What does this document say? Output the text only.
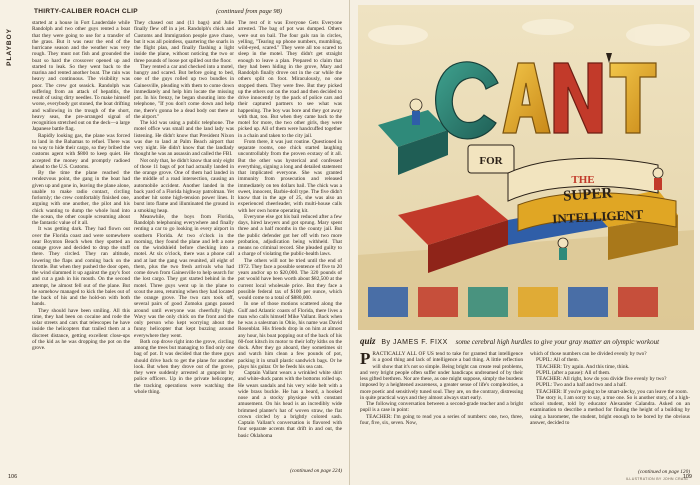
PLAYBOY
THIRTY-CALIBER ROACH CLIP	(continued from page 98)

started at a house in Fort Lauderdale while Randolph and two other guys rented a boat that they were going to use for a transfer of the grass. But it was near the end of the hurricane season and the weather was very rough. They must not fish and grounded the boat so hard the crossover opened up and started to leak. So they went back to the marina and rented another boat. The rain was heavy and continuous. The visibility was poor. The crew got seasick. Randolph was suffering from an attack of hepatitis, the result of using dirty needles. To make himself worse, everybody got stoned, the boat drifting and wallowing in the trough of the short, heavy seas, the pre-arranged signal of recognition stretched out on the deck—a large Japanese battle flag.

Rapidly looking gas, the plane was forced to land in the Bahamas to refuel. There was no way to hide their cargo, so they bribed the customs agent with $800 to keep quiet. He accepted the money and promptly radioed ahead to the U.S. Customs.

By the time the plane reached the rendezvous point, the gang in the boat had given up and gone in, leaving the plane alone, unable to make radio contact, circling forlornly; the crew comfortably finished one, arguing with one another, the pilot and his chick wanting to dump the whole load into the ocean, the other couple screaming about the fantastic value of it all.

It was getting dark. They had flown out over the Florida coast and were somewhere near Boynton Beach when they spotted an orange grove and decided to drop the stuff there. They circled. They ran altitude, lowering the flaps and coming back on the throttle. But when they pushed the door open, the wind slammed it up against the guy's foot and cut a gash in his mouth. On the second attempt, he almost fell out of the plane. But he somehow managed to kick the bales out of the back of his and the hold-on with both hands.

They should have been smiling. All this time, they had been on cocaine and rode the solar streets and cars that telescopes he have inside the helicopters that trailed them at a discreet distance, getting excellent close-ups of the kid as he was dropping the pot on the grove.

They chased out and (11 bags) and Julie finally flew off in a jet. Randolph's chick and Customs and Immigration people gave chase, but it was all pointless, quartering the snarls in the flight plan, and finally flashing a light inside the plane, without noticing the two or three pounds of loose pot spilled out the floor.

They rented a car and checked into a motel, hungry and scared. But before going to bed, one of the guys rolled up two bundles in Gainesville, pleading with them to come down immediately and help him locate the missing pot. In his frenzy, he began shouting into the telephone, "If you don't come down and help me, there's gonna be a dead body out there at the airport."

The kid was using a public telephone. The motel office was small and the land lady was listening. He didn't know that President Nixon was due to land at Palm Beach airport that very night. He didn't know that the landlady thought he was an assassin and called the FBI.

Not only that, he didn't know that only eight of those 11 bags of pot had actually landed in the orange grove. One of them had landed in the middle of a road intersection, causing an automobile accident. Another landed in the back yard of a Florida highway patrolman. Yet another hit some high-tension power lines. It burst into flame and illuminated the ground in a smoking heap.

Meanwhile, the boys from Florida, Randolph telephoning everywhere and finally renting a car to go looking in every airport in southern Florida. At two o'clock in the morning, they found the plane and left a note on the windshield before checking into a motel. At six o'clock, there was a phone call and at last the gang was reunited, all eight of them, plus the two fresh arrivals who had come down from Gainesville to help search for the lost cargo. They got started behind in the motel. Three guys went up in the plane to scout the area, returning when they had located the orange grove. The two cars took off, several pairs of good Zomoku gangs passed around until everyone was cheerfully high. Wavy was the only chick on the front and the only person who kept worrying about the funny helicopter that kept buzzing around everywhere they went.

Both cop drove right into the grove, circling among the trees but managing to find only one bag of pot. It was decided that the three guys should drive back to get the plane for another look. But when they drove out of the grove, they were suddenly arrested at gunpoint by police officers. Up in the private helicopter, the tracking operations were watching the whole thing.

The rest of it was Everyone Gets Everyone arrested. The bag of pot was dumped. Others were out on bail. The four gals ran in circles, yelling, "Tearing up phone numbers, mumbling, wild-eyed, scared." They were all too scared to sleep in the motel. They didn't get straight enough to leave a plan. Prepared to claim that they had been hiding in the grove, Mary and Randolph finally drove out in the car while the others split on foot. Miraculously, no one stopped them. They were free. But they picked up the others out on the road and then decided to drive innocently by the pack of police cars and their captured partners to see what was happening. The boy was bore and they got away with that, too. But when they came back to the motel for more, the two other girls, they were picked up. All of them were handcuffed together in a chain and taken to the city jail.

From there, it was just routine. Questioned in separate rooms, one chick started laughing uncontrollably from the proven ecstasy of it all. But the other was hysterical and confessed everything, signing a long and detailed statement that implicated everyone. She was granted immunity from prosecution and released immediately on ten dollars bail. The chick was a sweet, innocent, Barbie-doll type. The five didn't know that in the age of 25, she was also an experienced cheerleader, with multi-house calls with her own home operating kit.

Everyone else got his bail reduced after a few days, hired lawyers and got sprung. Mary spent three and a half months in the county jail. But the public defender got her off with two more probation, adjudication being withheld. That means no criminal record. She pleaded guilty to a charge of violating the public-health laws.

The others will not be tried until the end of 1972. They face a possible sentence of five to 20 years and/or up to $20,000. The 320 pounds of pot would have been worth about $82,500 at the current local wholesale price. But they face a possible federal tax of $100 per ounce, which would come to a total of $880,000.

In one of those motions scattered along the Gulf and Atlantic coasts of Florida, there lives a man who calls himself Mike Vallant. Back when he was a salesman in Ohio, his name was David Rosenblat. His friends drop in on him at almost any hour, his boat popping out of the back of his 60-foot kitsch its motor to their lofty kiths on the dock. After they go aboard, they sometimes sit and watch him clean a few pounds of pot, packing it in small plastic sandwich bags. Or he plays his guitar. Or he feeds his sea cats.

Captain Vallant wears a wrinkled white shirt and white-duck pants with the bottoms rolled up. He wears sandals and his very wide belt with a wide brass buckle. He has a beard, a hooked nose and a stocky physique with constant amusement. On his head is an incredibly wide brimmed planter's hat of woven straw, the flat crown circled by a brightly colored sash. Captain Vallant's conversation is flavored with four separate accents that drift in and out, the basic Oklahoma

(continued on page 224)
106
FOR
THE
SUPER
INTELLIGENT
quiz By JAMES F. FIXX some cerebral high hurdles to give your gray matter an olympic workout

PRACTICALLY ALL OF US tend to take for granted that intelligence is a good thing and lack of intelligence a bad thing. A little reflection will show that it's not so simple. Being bright can create real problems, and very bright people often suffer under handicaps undreamed of by their less gifted brethren. Nor are these, as one might suppose, simply the burdens imposed by a heightened awareness, a greater sense of life's complexities, a more poetic and sensitively tuned soul. They are, on the contrary, distressing in quite practical ways and they almost always start early.

The following conversation between a second-grade teacher and a bright pupil is a case in point:

TEACHER: I'm going to read you a series of numbers: one, two, three, four, five, six, seven. Now,

which of those numbers can be divided evenly by two?

PUPIL: All of them.

TEACHER: Try again. And this time, think.

PUPIL (after a pause): All of them.

TEACHER: All right, how do you divide five evenly by two?

PUPIL: Two and a half and two and a half.

TEACHER: If you're going to be smart-alecky, you can leave the room.

The story is, I am sorry to say, a true one. So is another story, of a high-school student, told by educator Alexander Calandra. Asked on an examination to describe a method for finding the height of a building by using a barometer, the student, bright enough to be bored by the obvious answer, decided to

(continued on page 120)
ILLUSTRATION BY JOHN CRAIG
109
